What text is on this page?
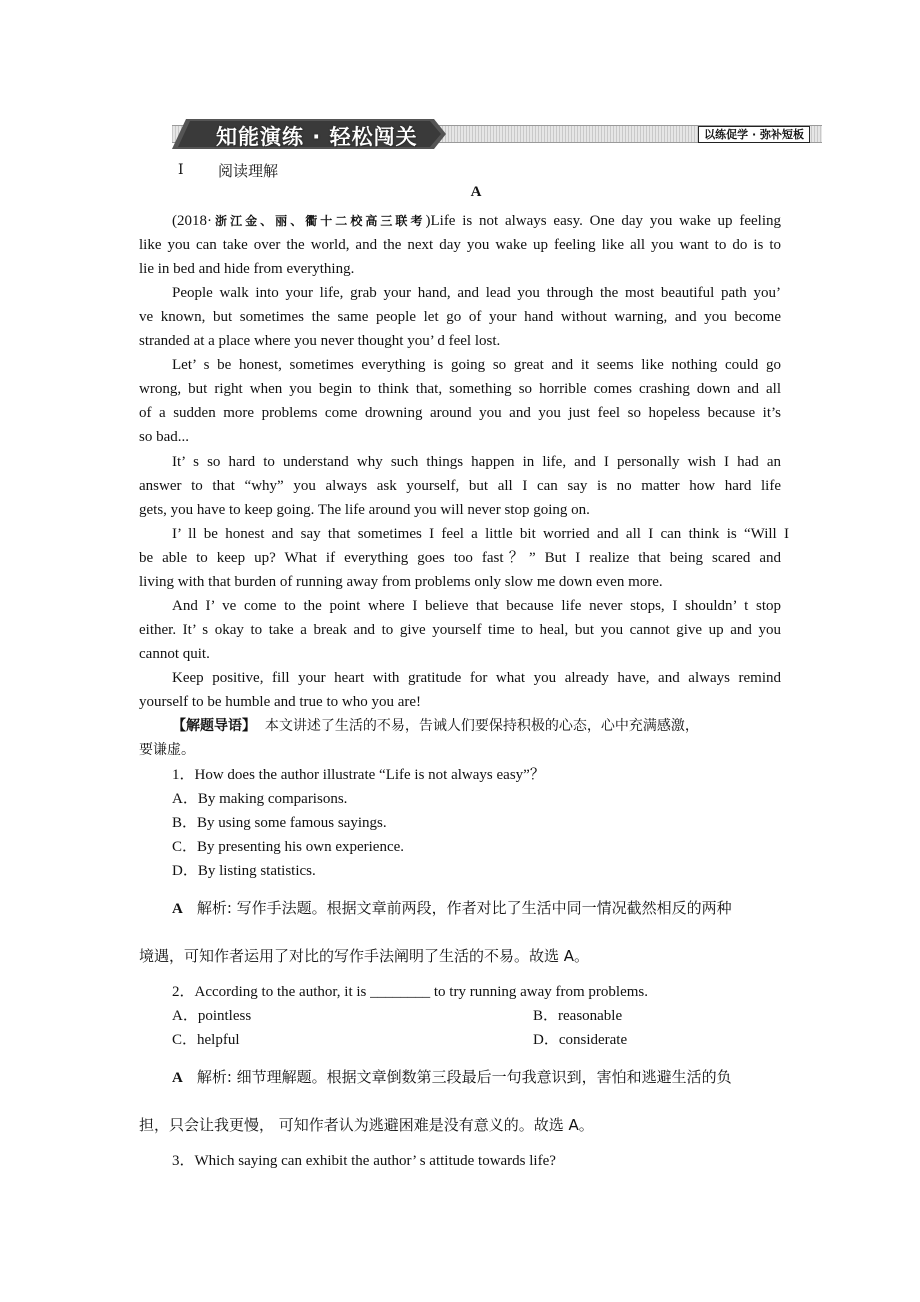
知能演练 · 轻松闯关	以练促学 · 弥补短板
Ⅰ 阅读理解
A
(2018·浙江金、丽、衢十二校高三联考)Life is not always easy. One day you wake up feeling
like you can take over the world, and the next day you wake up feeling like all you want to do is to
lie in bed and hide from everything.
People walk into your life, grab your hand, and lead you through the most beautiful path you’
ve known, but sometimes the same people let go of your hand without warning, and you become
stranded at a place where you never thought you’ d feel lost.
Let’ s be honest, sometimes everything is going so great and it seems like nothing could go
wrong, but right when you begin to think that, something so horrible comes crashing down and all
of a sudden more problems come drowning around you and you just feel so hopeless because it’s
so bad...
It’ s so hard to understand why such things happen in life, and I personally wish I had an
answer to that “why” you always ask yourself, but all I can say is no matter how hard life
gets, you have to keep going. The life around you will never stop going on.
I’ ll be honest and say that sometimes I feel a little bit worried and all I can think is “Will I
be able to keep up? What if everything goes too fast？” But I realize that being scared and
living with that burden of running away from problems only slow me down even more.
And I’ ve come to the point where I believe that because life never stops, I shouldn’ t stop
either. It’ s okay to take a break and to give yourself time to heal, but you cannot give up and you
cannot quit.
Keep positive, fill your heart with gratitude for what you already have, and always remind
yourself to be humble and true to who you are!
【解题导语】 本文讲述了生活的不易，告诫人们要保持积极的心态，心中充满感激，
要谦虚。
1．How does the author illustrate “Life is not always easy”？
A．By making comparisons.
B．By using some famous sayings.
C．By presenting his own experience.
D．By listing statistics.
A 解析: 写作手法题。根据文章前两段，作者对比了生活中同一情况截然相反的两种
境遇，可知作者运用了对比的写作手法阐明了生活的不易。故选 A。
2．According to the author, it is ________ to try running away from problems.
A．pointless	B．reasonable
C．helpful	D．considerate
A 解析: 细节理解题。根据文章倒数第三段最后一句我意识到，害怕和逃避生活的负
担，只会让我更慢， 可知作者认为逃避困难是没有意义的。故选 A。
3．Which saying can exhibit the author’ s attitude towards life?
